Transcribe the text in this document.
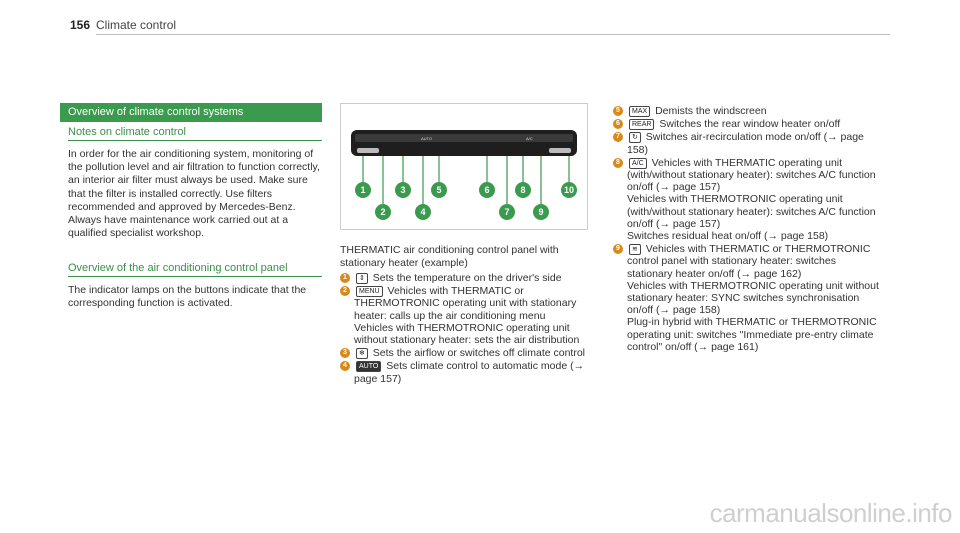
156 Climate control
Overview of climate control systems
Notes on climate control

In order for the air conditioning system, monitoring of the pollution level and air filtration to function correctly, an interior air filter must always be used. Make sure that the filter is installed correctly. Use filters recommended and approved by Mercedes-Benz. Always have maintenance work carried out at a qualified specialist workshop.

Overview of the air conditioning control panel

The indicator lamps on the buttons indicate that the corresponding function is activated.

AUTO	A/C
1
2
3
4
5	6
7
8
9
10

THERMATIC air conditioning control panel with stationary heater (example)

1	⇕ Sets the temperature on the driver's side
2	MENU Vehicles with THERMATIC or THERMOTRONIC operating unit with stationary heater: calls up the air conditioning menu
Vehicles with THERMOTRONIC operating unit without stationary heater: sets the air distribution
3	❄ Sets the airflow or switches off climate control
4	AUTO Sets climate control to automatic mode (→ page 157)
5	MAX Demists the windscreen
6	REAR Switches the rear window heater on/off
7	↻ Switches air-recirculation mode on/off (→ page 158)
8	A/C Vehicles with THERMATIC operating unit (with/without stationary heater): switches A/C function on/off (→ page 157)
Vehicles with THERMOTRONIC operating unit (with/without stationary heater): switches A/C function on/off (→ page 157)
Switches residual heat on/off (→ page 158)
9	≋ Vehicles with THERMATIC or THERMOTRONIC control panel with stationary heater: switches stationary heater on/off (→ page 162)
Vehicles with THERMOTRONIC operating unit without stationary heater: SYNC switches synchronisation on/off (→ page 158)
Plug-in hybrid with THERMATIC or THERMOTRONIC operating unit: switches "Immediate pre-entry climate control" on/off (→ page 161)
carmanualsonline.info
